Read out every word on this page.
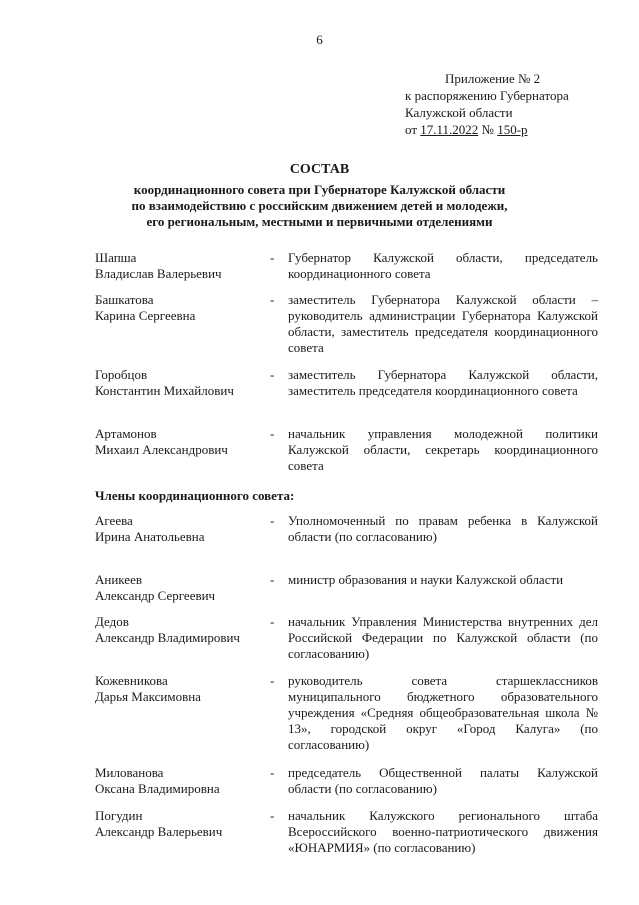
6
Приложение № 2
к распоряжению Губернатора
Калужской области
от 17.11.2022 № 150-р
СОСТАВ
координационного совета при Губернаторе Калужской области
по взаимодействию с российским движением детей и молодежи,
его региональным, местными и первичными отделениями
Шапша
Владислав Валерьевич
- Губернатор Калужской области, председатель координационного совета
Башкатова
Карина Сергеевна
- заместитель Губернатора Калужской области – руководитель администрации Губернатора Калужской области, заместитель председателя координационного совета
Горобцов
Константин Михайлович
- заместитель Губернатора Калужской области, заместитель председателя координационного совета
Артамонов
Михаил Александрович
- начальник управления молодежной политики Калужской области, секретарь координационного совета
Члены координационного совета:
Агеева
Ирина Анатольевна
- Уполномоченный по правам ребенка в Калужской области (по согласованию)
Аникеев
Александр Сергеевич
- министр образования и науки Калужской области
Дедов
Александр Владимирович
- начальник Управления Министерства внутренних дел Российской Федерации по Калужской области (по согласованию)
Кожевникова
Дарья Максимовна
- руководитель совета старшеклассников муниципального бюджетного образовательного учреждения «Средняя общеобразовательная школа № 13», городской округ «Город Калуга» (по согласованию)
Милованова
Оксана Владимировна
- председатель Общественной палаты Калужской области (по согласованию)
Погудин
Александр Валерьевич
- начальник Калужского регионального штаба Всероссийского военно-патриотического движения «ЮНАРМИЯ» (по согласованию)
